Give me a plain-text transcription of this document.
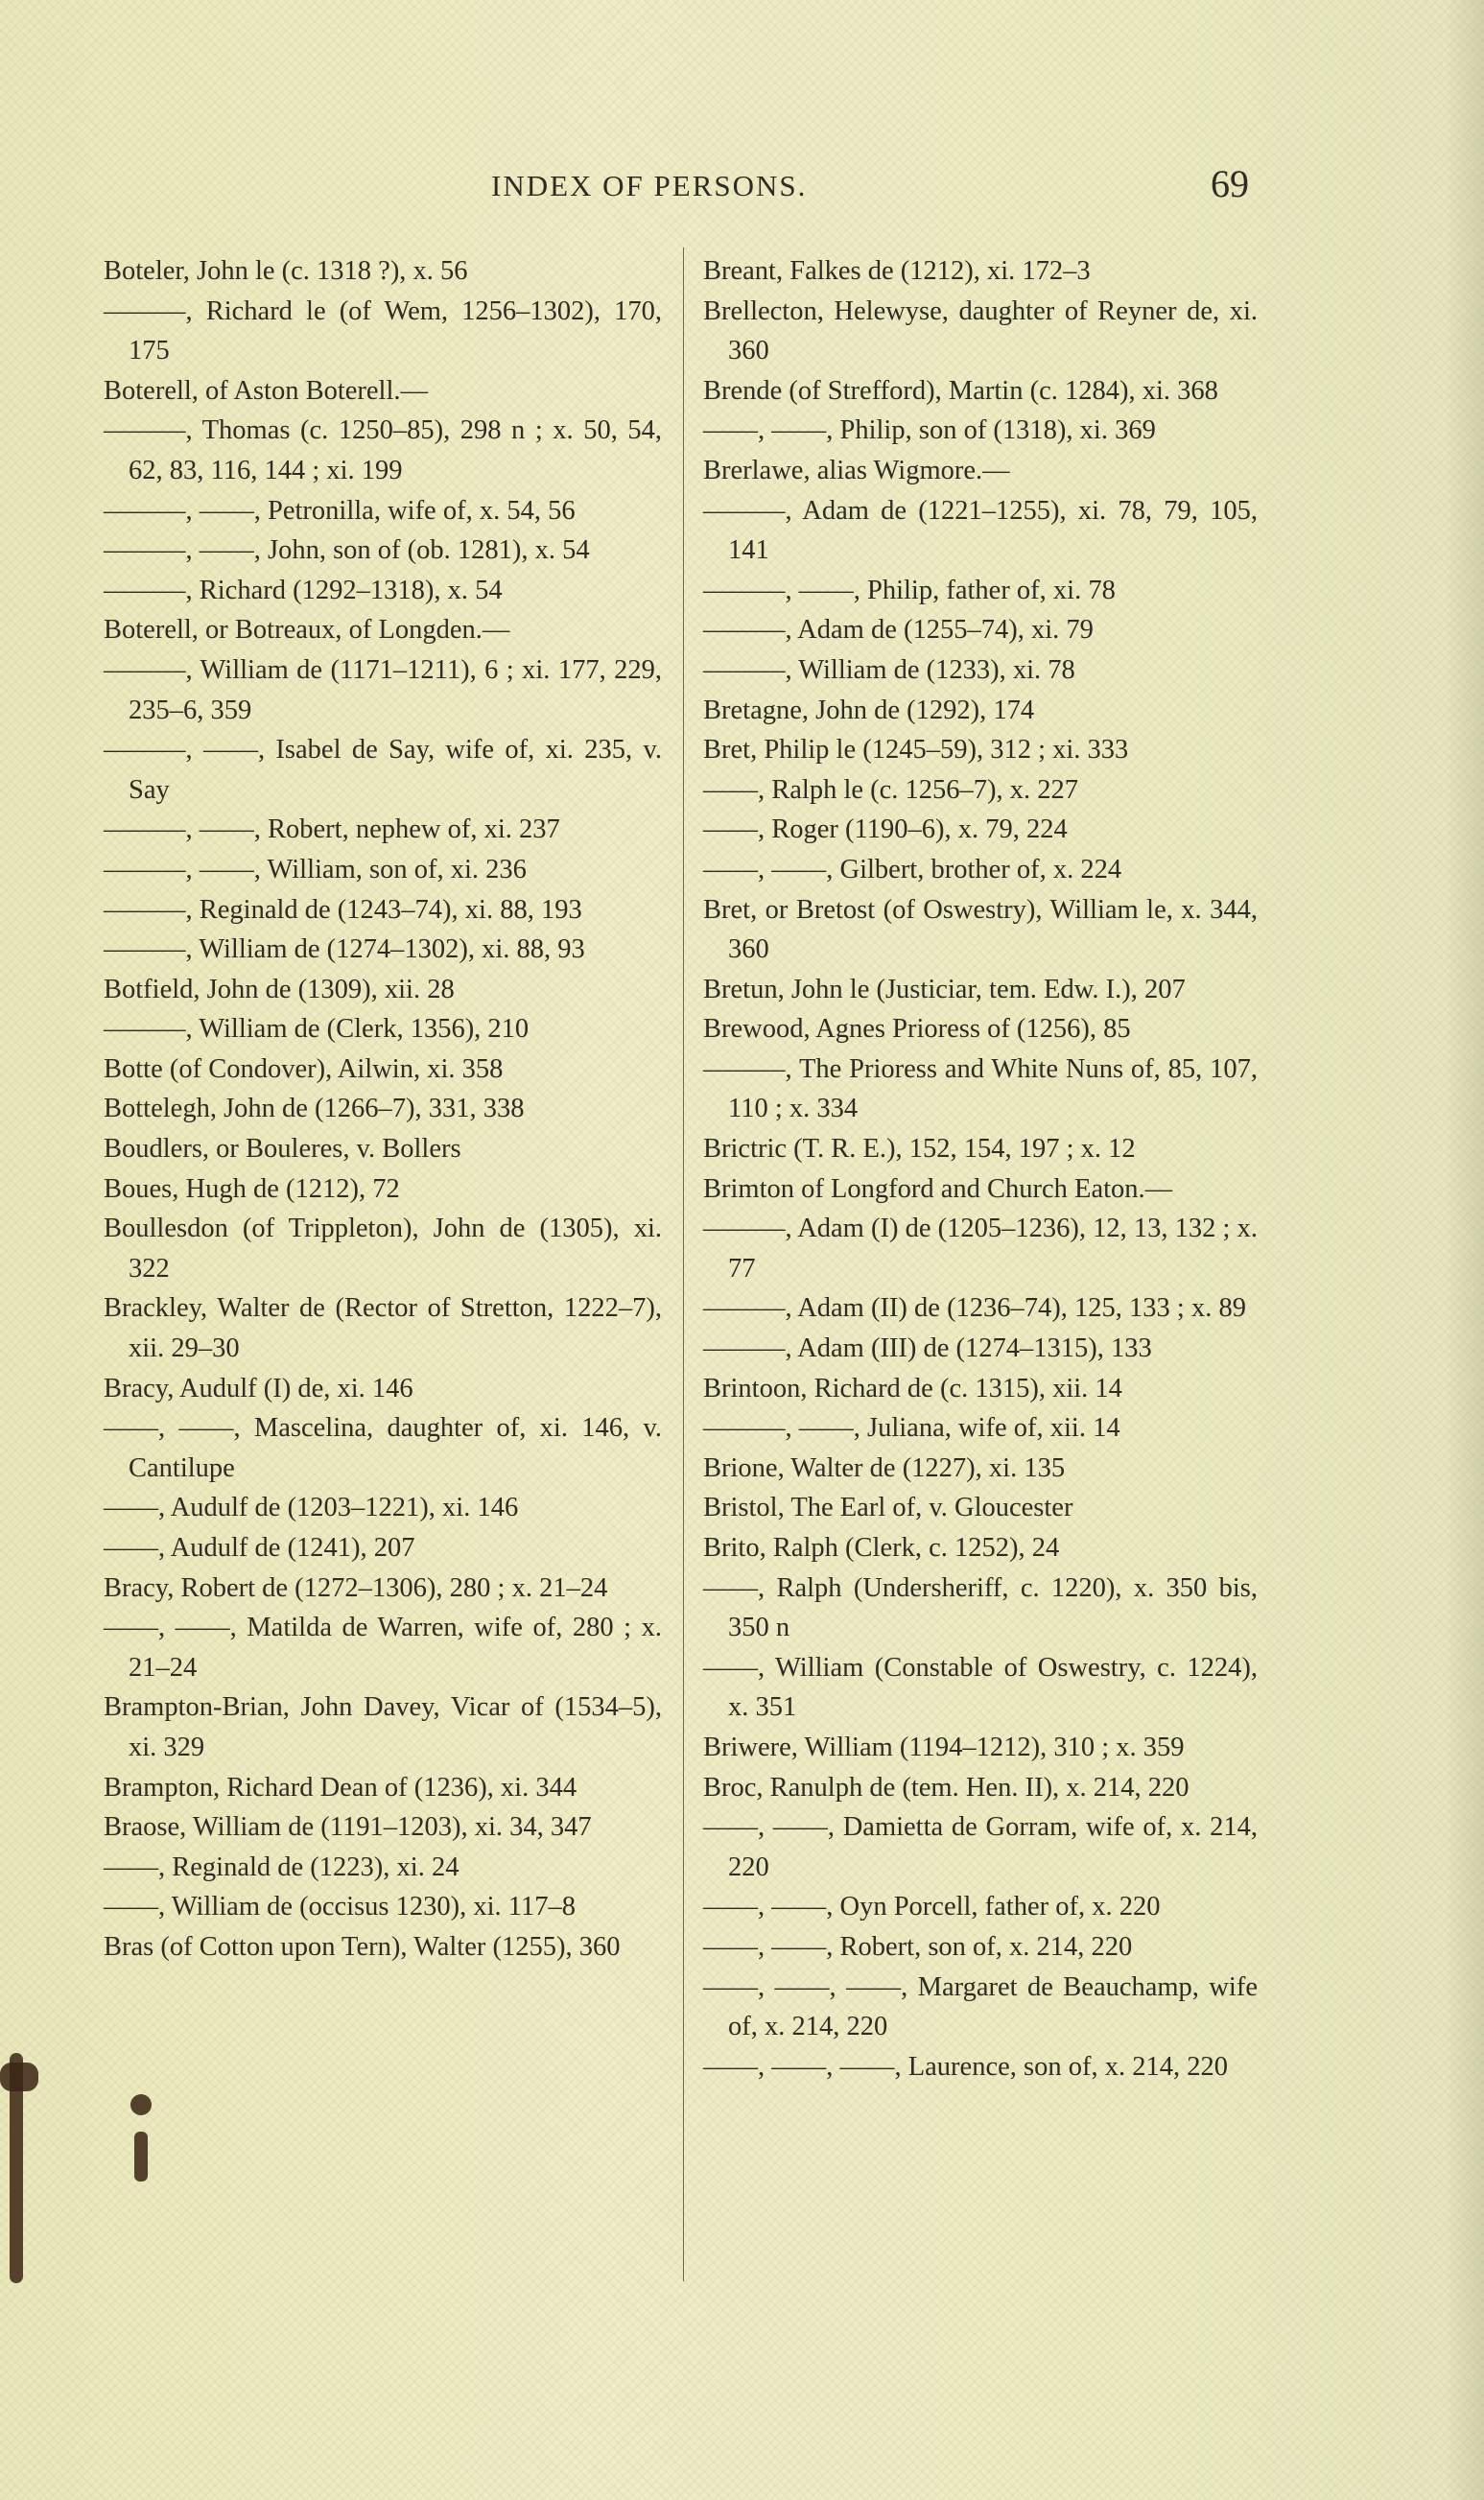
INDEX OF PERSONS.	69
Boteler, John le (c. 1318 ?), x. 56
———, Richard le (of Wem, 1256–1302), 170, 175
Boterell, of Aston Boterell.—
———, Thomas (c. 1250–85), 298 n ; x. 50, 54, 62, 83, 116, 144 ; xi. 199
———, ——, Petronilla, wife of, x. 54, 56
———, ——, John, son of (ob. 1281), x. 54
———, Richard (1292–1318), x. 54
Boterell, or Botreaux, of Longden.—
———, William de (1171–1211), 6 ; xi. 177, 229, 235–6, 359
———, ——, Isabel de Say, wife of, xi. 235, v. Say
———, ——, Robert, nephew of, xi. 237
———, ——, William, son of, xi. 236
———, Reginald de (1243–74), xi. 88, 193
———, William de (1274–1302), xi. 88, 93
Botfield, John de (1309), xii. 28
———, William de (Clerk, 1356), 210
Botte (of Condover), Ailwin, xi. 358
Bottelegh, John de (1266–7), 331, 338
Boudlers, or Bouleres, v. Bollers
Boues, Hugh de (1212), 72
Boullesdon (of Trippleton), John de (1305), xi. 322
Brackley, Walter de (Rector of Stretton, 1222–7), xii. 29–30
Bracy, Audulf (I) de, xi. 146
——, ——, Mascelina, daughter of, xi. 146, v. Cantilupe
——, Audulf de (1203–1221), xi. 146
——, Audulf de (1241), 207
Bracy, Robert de (1272–1306), 280 ; x. 21–24
——, ——, Matilda de Warren, wife of, 280 ; x. 21–24
Brampton-Brian, John Davey, Vicar of (1534–5), xi. 329
Brampton, Richard Dean of (1236), xi. 344
Braose, William de (1191–1203), xi. 34, 347
——, Reginald de (1223), xi. 24
——, William de (occisus 1230), xi. 117–8
Bras (of Cotton upon Tern), Walter (1255), 360
Breant, Falkes de (1212), xi. 172–3
Brellecton, Helewyse, daughter of Reyner de, xi. 360
Brende (of Strefford), Martin (c. 1284), xi. 368
——, ——, Philip, son of (1318), xi. 369
Brerlawe, alias Wigmore.—
———, Adam de (1221–1255), xi. 78, 79, 105, 141
———, ——, Philip, father of, xi. 78
———, Adam de (1255–74), xi. 79
———, William de (1233), xi. 78
Bretagne, John de (1292), 174
Bret, Philip le (1245–59), 312 ; xi. 333
——, Ralph le (c. 1256–7), x. 227
——, Roger (1190–6), x. 79, 224
——, ——, Gilbert, brother of, x. 224
Bret, or Bretost (of Oswestry), William le, x. 344, 360
Bretun, John le (Justiciar, tem. Edw. I.), 207
Brewood, Agnes Prioress of (1256), 85
———, The Prioress and White Nuns of, 85, 107, 110 ; x. 334
Brictric (T. R. E.), 152, 154, 197 ; x. 12
Brimton of Longford and Church Eaton.—
———, Adam (I) de (1205–1236), 12, 13, 132 ; x. 77
———, Adam (II) de (1236–74), 125, 133 ; x. 89
———, Adam (III) de (1274–1315), 133
Brintoon, Richard de (c. 1315), xii. 14
———, ——, Juliana, wife of, xii. 14
Brione, Walter de (1227), xi. 135
Bristol, The Earl of, v. Gloucester
Brito, Ralph (Clerk, c. 1252), 24
——, Ralph (Undersheriff, c. 1220), x. 350 bis, 350 n
——, William (Constable of Oswestry, c. 1224), x. 351
Briwere, William (1194–1212), 310 ; x. 359
Broc, Ranulph de (tem. Hen. II), x. 214, 220
——, ——, Damietta de Gorram, wife of, x. 214, 220
——, ——, Oyn Porcell, father of, x. 220
——, ——, Robert, son of, x. 214, 220
——, ——, ——, Margaret de Beauchamp, wife of, x. 214, 220
——, ——, ——, Laurence, son of, x. 214, 220
